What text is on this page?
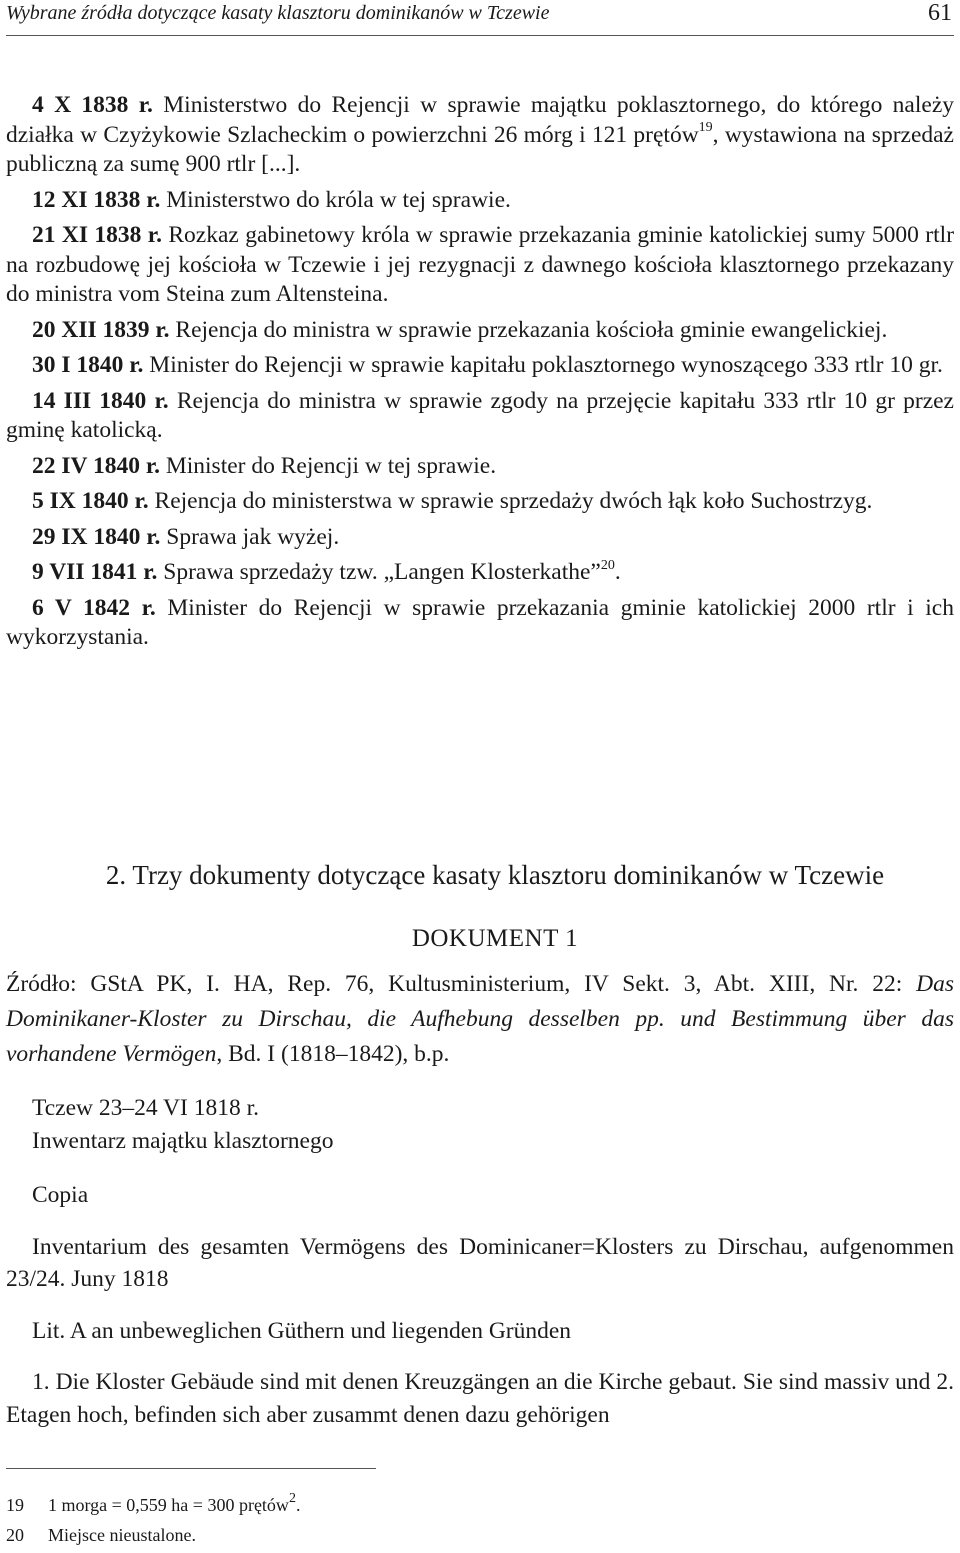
Wybrane źródła dotyczące kasaty klasztoru dominikanów w Tczewie	61

4 X 1838 r. Ministerstwo do Rejencji w sprawie majątku poklasztornego, do którego należy działka w Czyżykowie Szlacheckim o powierzchni 26 mórg i 121 prętów$^{19}$, wystawiona na sprzedaż publiczną za sumę 900 rtlr [...].

12 XI 1838 r. Ministerstwo do króla w tej sprawie.

21 XI 1838 r. Rozkaz gabinetowy króla w sprawie przekazania gminie katolickiej sumy 5000 rtlr na rozbudowę jej kościoła w Tczewie i jej rezygnacji z dawnego kościoła klasztornego przekazany do ministra vom Steina zum Altensteina.

20 XII 1839 r. Rejencja do ministra w sprawie przekazania kościoła gminie ewangelickiej.

30 I 1840 r. Minister do Rejencji w sprawie kapitału poklasztornego wynoszącego 333 rtlr 10 gr.

14 III 1840 r. Rejencja do ministra w sprawie zgody na przejęcie kapitału 333 rtlr 10 gr przez gminę katolicką.

22 IV 1840 r. Minister do Rejencji w tej sprawie.

5 IX 1840 r. Rejencja do ministerstwa w sprawie sprzedaży dwóch łąk koło Suchostrzyg.

29 IX 1840 r. Sprawa jak wyżej.

9 VII 1841 r. Sprawa sprzedaży tzw. „Langen Klosterkathe”$^{20}$.

6 V 1842 r. Minister do Rejencji w sprawie przekazania gminie katolickiej 2000 rtlr i ich wykorzystania.

2. Trzy dokumenty dotyczące kasaty klasztoru dominikanów w Tczewie
DOKUMENT 1

Źródło: GStA PK, I. HA, Rep. 76, Kultusministerium, IV Sekt. 3, Abt. XIII, Nr. 22: Das Dominikaner-Kloster zu Dirschau, die Aufhebung desselben pp. und Bestimmung über das vorhandene Vermögen, Bd. I (1818–1842), b.p.

Tczew 23–24 VI 1818 r.

Inwentarz majątku klasztornego

Copia

Inventarium des gesamten Vermögens des Dominicaner=Klosters zu Dirschau, aufgenommen 23/24. Juny 1818

Lit. A an unbeweglichen Güthern und liegenden Gründen

1. Die Kloster Gebäude sind mit denen Kreuzgängen an die Kirche gebaut. Sie sind massiv und 2. Etagen hoch, befinden sich aber zusammt denen dazu gehörigen

19	1 morga = 0,559 ha = 300 prętów$^2$.
20	Miejsce nieustalone.
